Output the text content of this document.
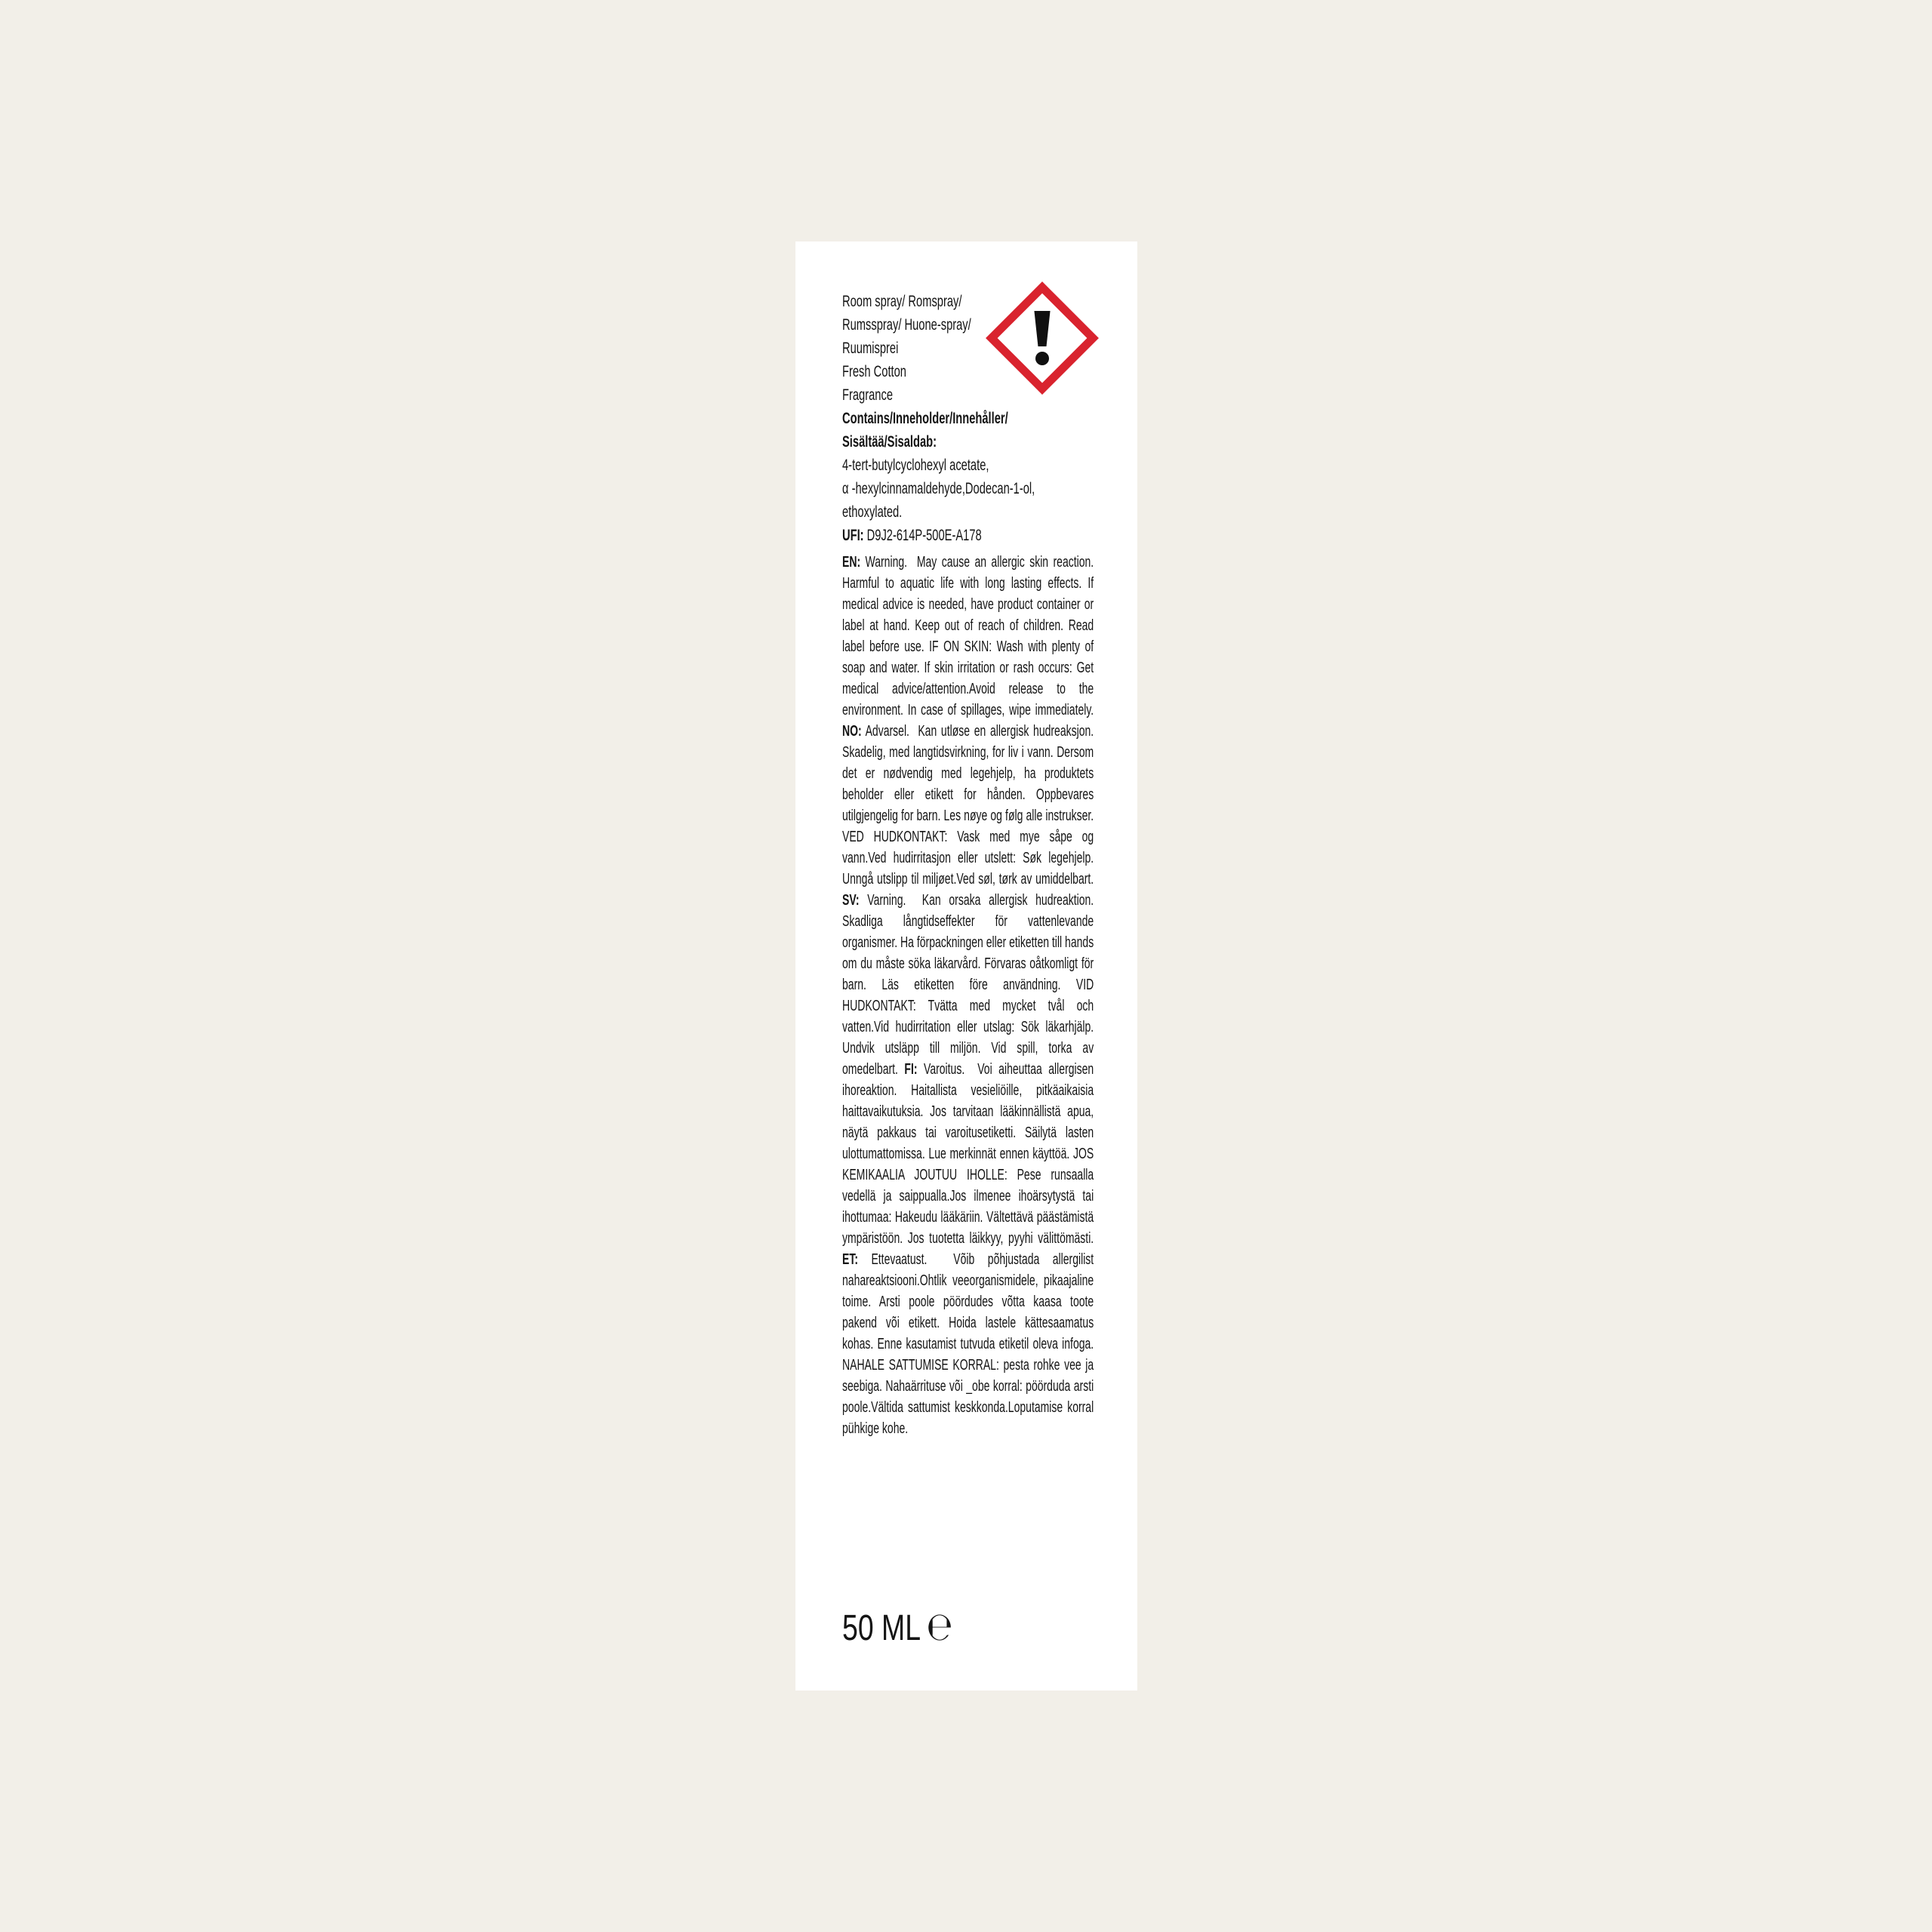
Room spray/ Romspray/
Rumsspray/ Huone-spray/
Ruumisprei
Fresh Cotton
Fragrance
Contains/Inneholder/Innehåller/
Sisältää/Sisaldab:
4-tert-butylcyclohexyl acetate,
α -hexylcinnamaldehyde,Dodecan-1-ol,
ethoxylated.
UFI: D9J2-614P-500E-A178

EN: Warning.  May cause an allergic skin reaction. Harmful to aquatic life with long lasting effects. If medical advice is needed, have product container or label at hand. Keep out of reach of children. Read label before use. IF ON SKIN: Wash with plenty of soap and water. If skin irritation or rash occurs: Get medical advice/attention.Avoid release to the environment. In case of spillages, wipe immediately. NO: Advarsel.  Kan utløse en allergisk hudreaksjon. Skadelig, med langtidsvirkning, for liv i vann. Dersom det er nødvendig med legehjelp, ha produktets beholder eller etikett for hånden. Oppbevares utilgjengelig for barn. Les nøye og følg alle instrukser. VED HUDKONTAKT: Vask med mye såpe og vann.Ved hudirritasjon eller utslett: Søk legehjelp. Unngå utslipp til miljøet.Ved søl, tørk av umiddelbart. SV: Varning.  Kan orsaka allergisk hudreaktion. Skadliga långtidseffekter för vattenlevande organismer. Ha förpackningen eller etiketten till hands om du måste söka läkarvård. Förvaras oåtkomligt för barn. Läs etiketten före användning. VID HUDKONTAKT: Tvätta med mycket tvål och vatten.Vid hudirritation eller utslag: Sök läkarhjälp. Undvik utsläpp till miljön. Vid spill, torka av omedelbart. FI: Varoitus.  Voi aiheuttaa allergisen ihoreaktion. Haitallista vesieliöille, pitkäaikaisia haittavaikutuksia. Jos tarvitaan lääkinnällistä apua, näytä pakkaus tai varoitusetiketti. Säilytä lasten ulottumattomissa. Lue merkinnät ennen käyttöä. JOS KEMIKAALIA JOUTUU IHOLLE: Pese runsaalla vedellä ja saippualla.Jos ilmenee ihoärsytystä tai ihottumaa: Hakeudu lääkäriin. Vältettävä päästämistä ympäristöön. Jos tuotetta läikkyy, pyyhi välittömästi. ET: Ettevaatust.  Võib põhjustada allergilist nahareaktsiooni.Ohtlik veeorganismidele, pikaajaline toime. Arsti poole pöördudes võtta kaasa toote pakend või etikett. Hoida lastele kättesaamatus kohas. Enne kasutamist tutvuda etiketil oleva infoga. NAHALE SATTUMISE KORRAL: pesta rohke vee ja seebiga. Nahaärrituse või _obe korral: pöörduda arsti poole.Vältida sattumist keskkonda.Loputamise korral pühkige kohe.

50 ML ℮
